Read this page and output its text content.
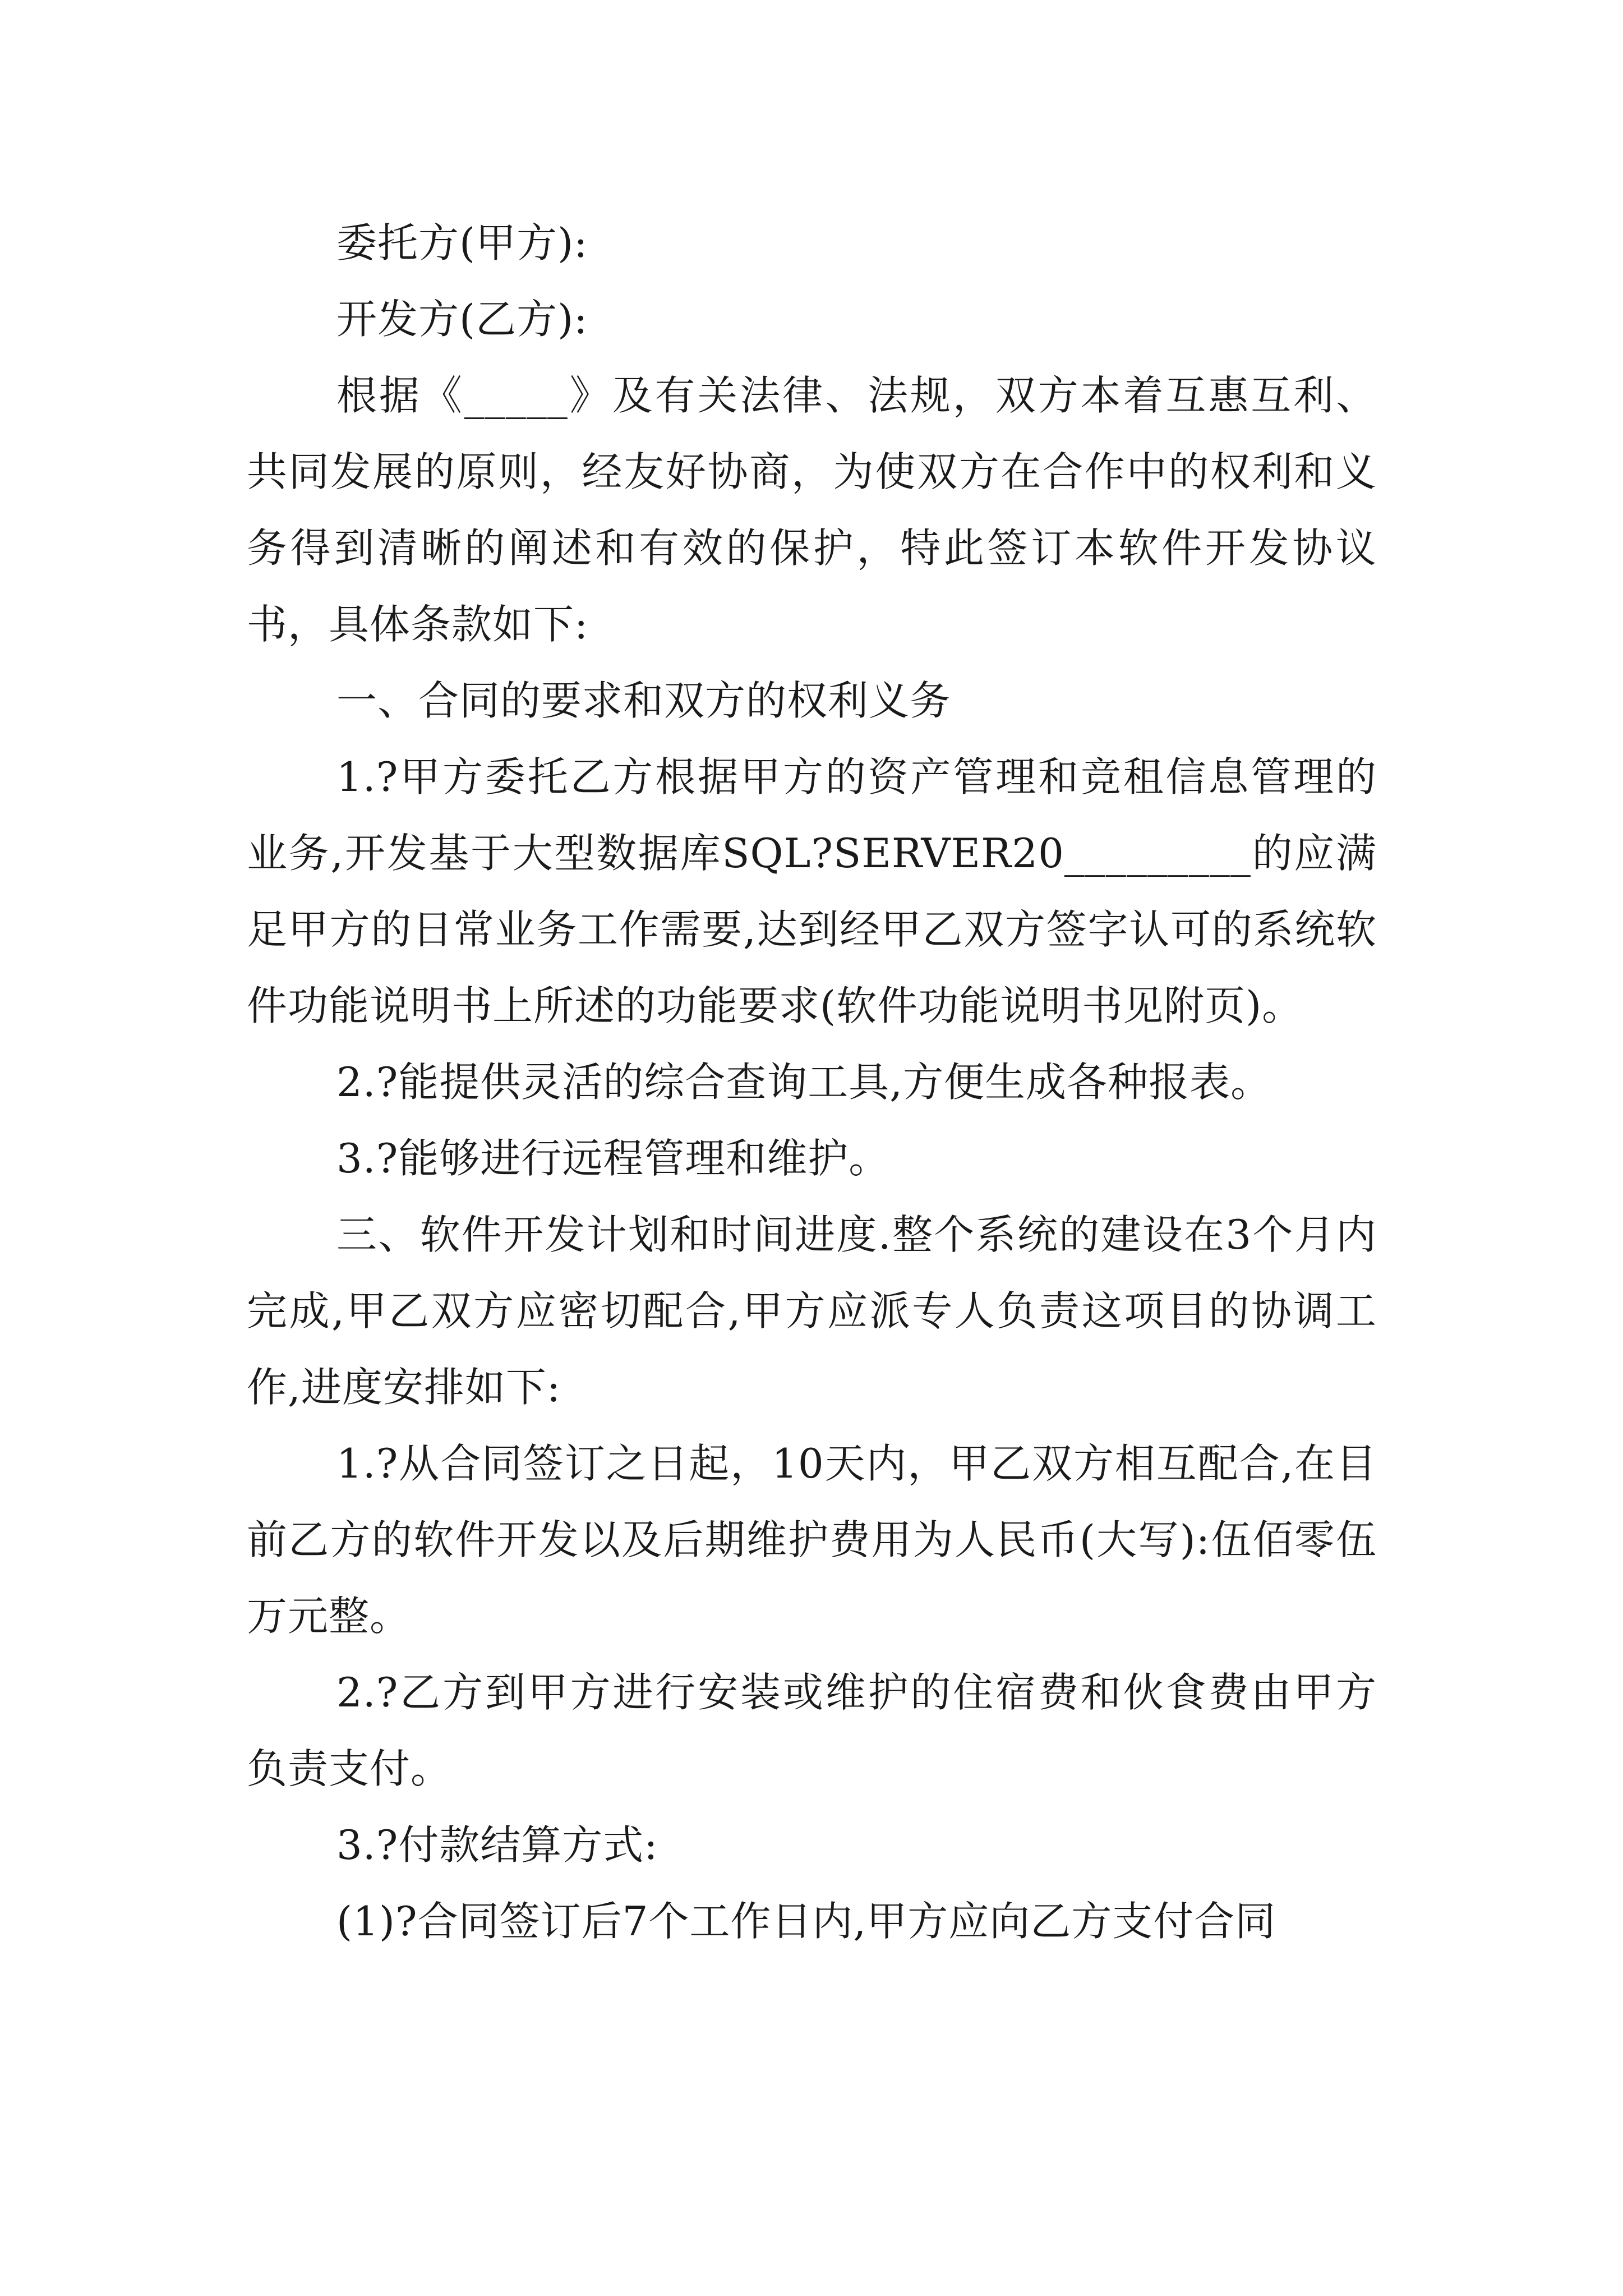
委托方(甲方):

开发方(乙方):

根据《_____》及有关法律、法规，双方本着互惠互利、共同发展的原则，经友好协商，为使双方在合作中的权利和义务得到清晰的阐述和有效的保护，特此签订本软件开发协议书，具体条款如下:

一、合同的要求和双方的权利义务

1.?甲方委托乙方根据甲方的资产管理和竞租信息管理的业务,开发基于大型数据库SQL?SERVER20_________的应满足甲方的日常业务工作需要,达到经甲乙双方签字认可的系统软件功能说明书上所述的功能要求(软件功能说明书见附页)。

2.?能提供灵活的综合查询工具,方便生成各种报表。

3.?能够进行远程管理和维护。

三、软件开发计划和时间进度.整个系统的建设在3个月内完成,甲乙双方应密切配合,甲方应派专人负责这项目的协调工作,进度安排如下:

1.?从合同签订之日起，10天内，甲乙双方相互配合,在目前乙方的软件开发以及后期维护费用为人民币(大写):伍佰零伍万元整。

2.?乙方到甲方进行安装或维护的住宿费和伙食费由甲方负责支付。

3.?付款结算方式:

(1)?合同签订后7个工作日内,甲方应向乙方支付合同
